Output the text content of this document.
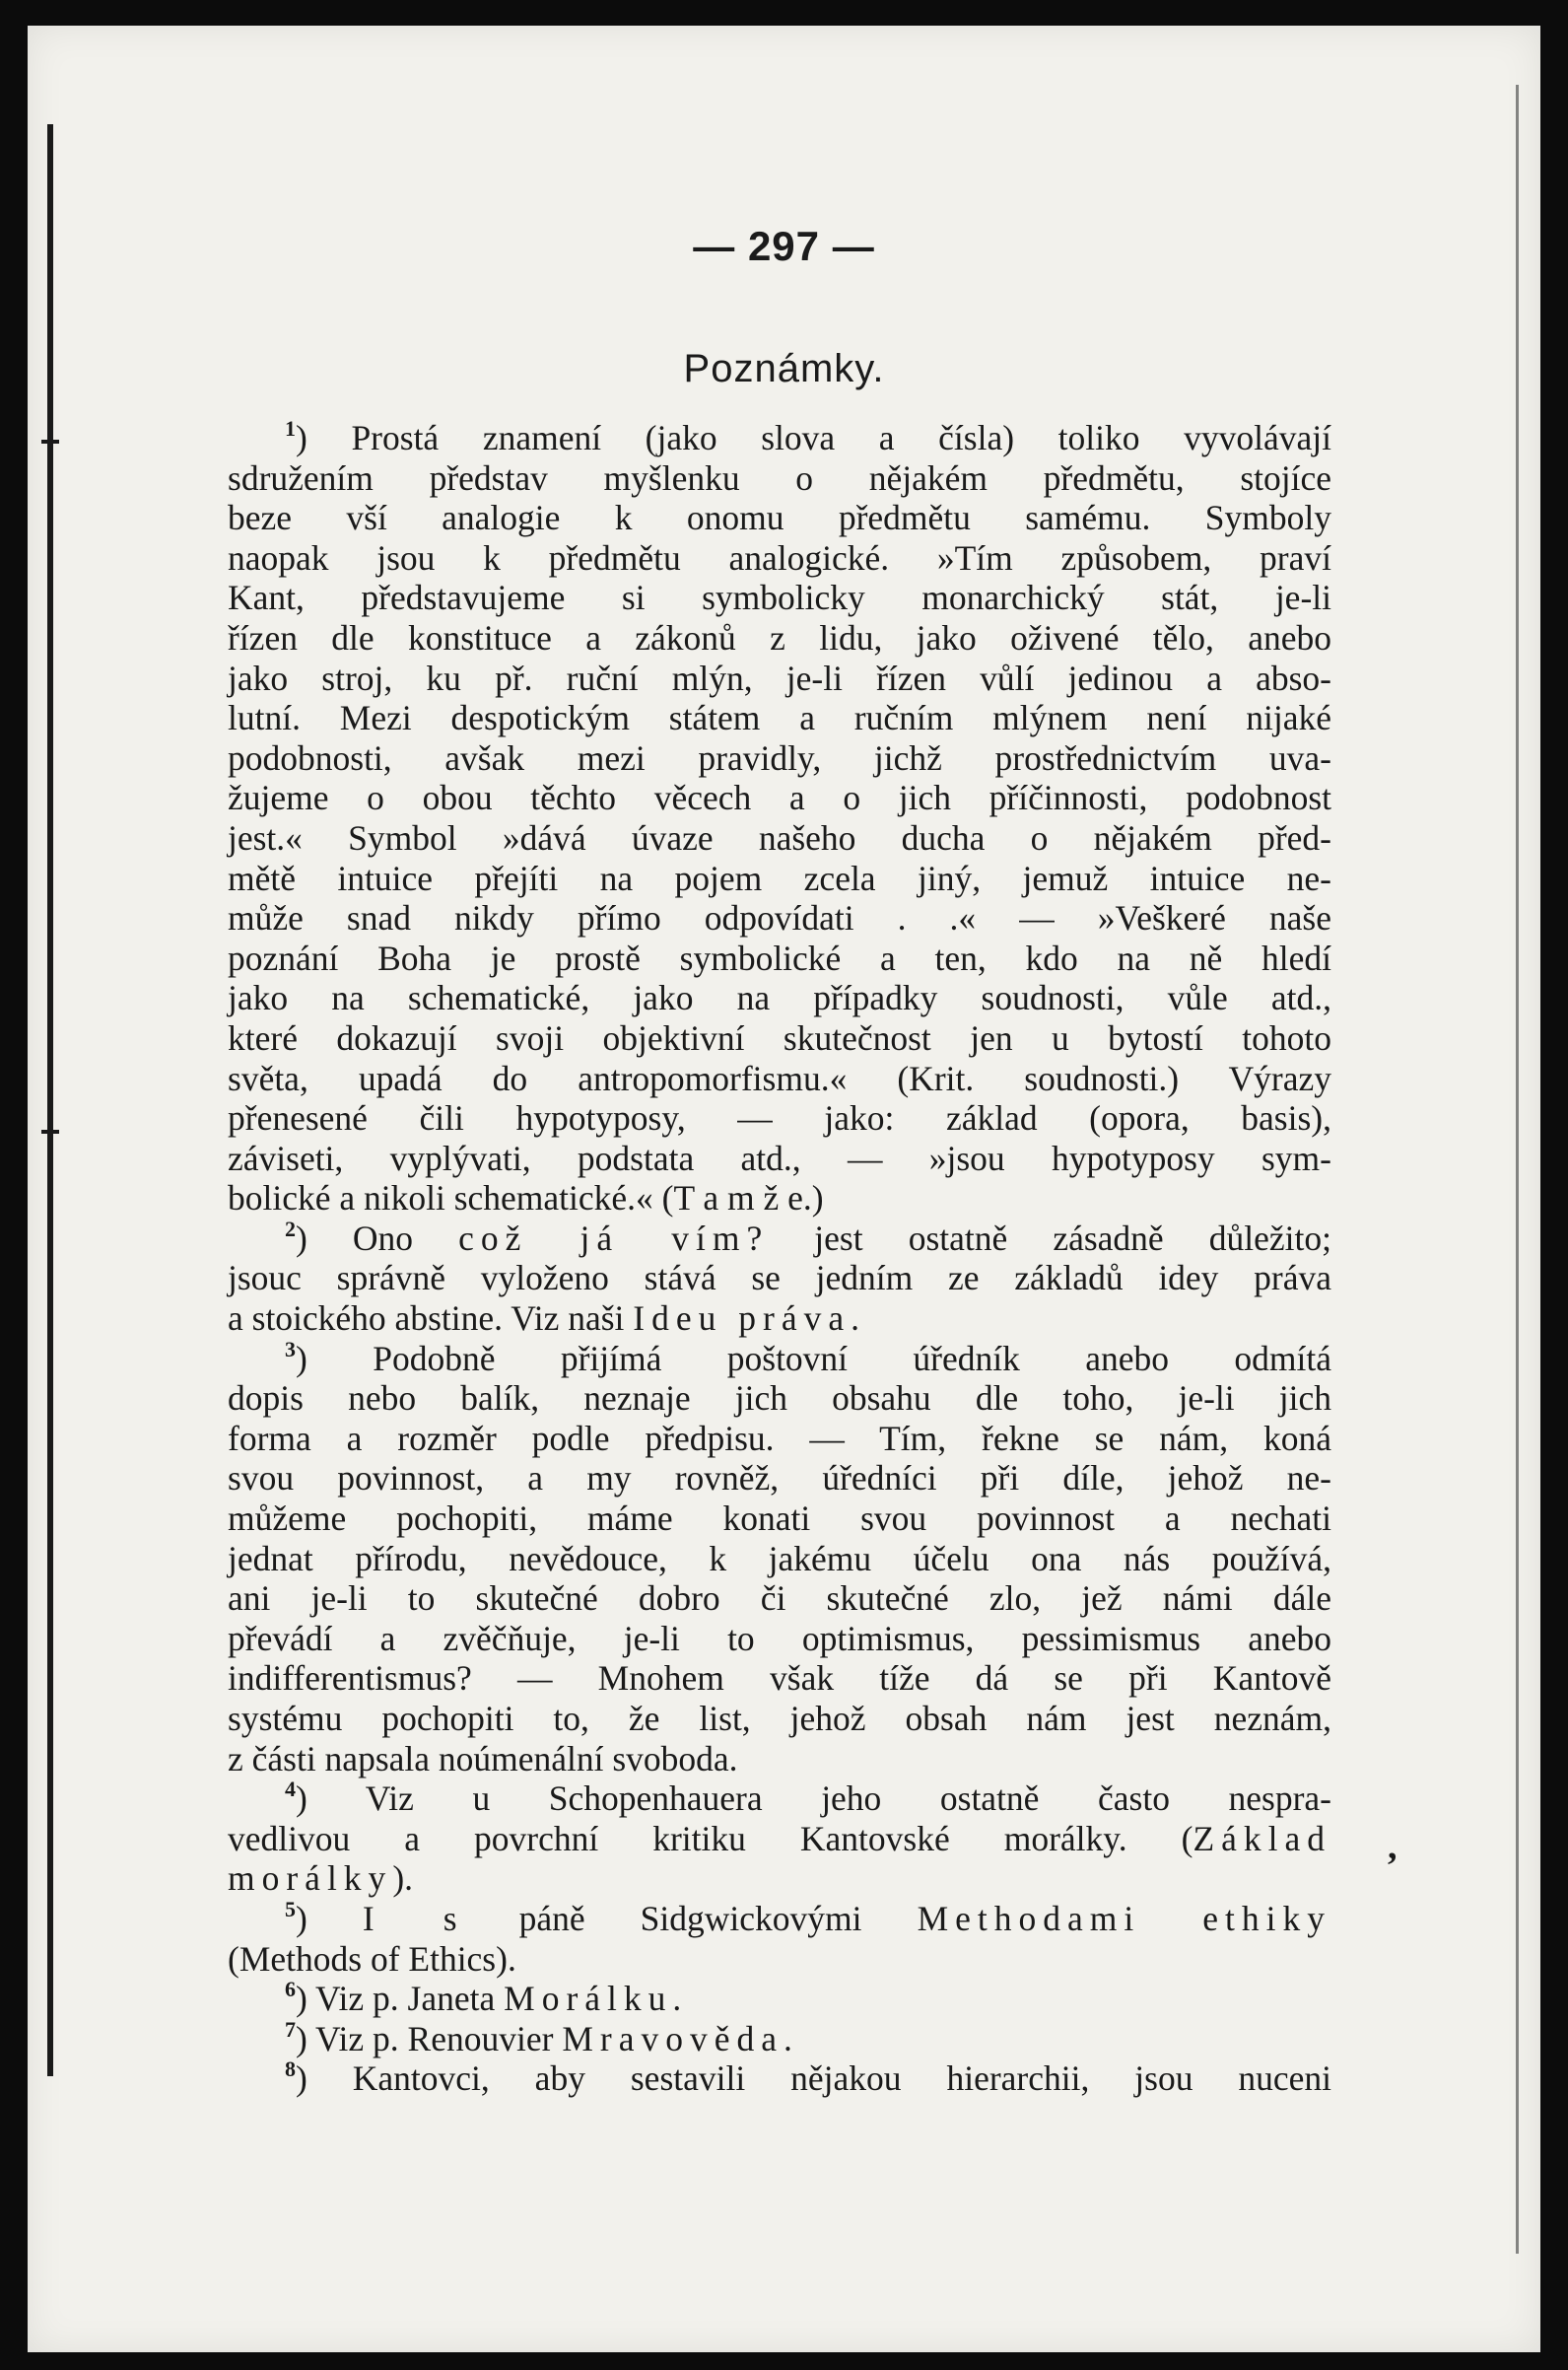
— 297 —
Poznámky.
$^1$) Prostá znamení (jako slova a čísla) toliko vyvolávají
sdružením představ myšlenku o nějakém předmětu, stojíce
beze vší analogie k onomu předmětu samému. Symboly
naopak jsou k předmětu analogické. »Tím způsobem, praví
Kant, představujeme si symbolicky monarchický stát, je-li
řízen dle konstituce a zákonů z lidu, jako oživené tělo, anebo
jako stroj, ku př. ruční mlýn, je-li řízen vůlí jedinou a abso-
lutní. Mezi despotickým státem a ručním mlýnem není nijaké
podobnosti, avšak mezi pravidly, jichž prostřednictvím uva-
žujeme o obou těchto věcech a o jich příčinnosti, podobnost
jest.« Symbol »dává úvaze našeho ducha o nějakém před-
mětě intuice přejíti na pojem zcela jiný, jemuž intuice ne-
může snad nikdy přímo odpovídati . .« — »Veškeré naše
poznání Boha je prostě symbolické a ten, kdo na ně hledí
jako na schematické, jako na případky soudnosti, vůle atd.,
které dokazují svoji objektivní skutečnost jen u bytostí tohoto
světa, upadá do antropomorfismu.« (Krit. soudnosti.) Výrazy
přenesené čili hypotyposy, — jako: základ (opora, basis),
záviseti, vyplývati, podstata atd., — »jsou hypotyposy sym-
bolické a nikoli schematické.« (T a m ž e.)
$^2$) Ono což já vím? jest ostatně zásadně důležito;
jsouc správně vyloženo stává se jedním ze základů idey práva
a stoického abstine. Viz naši Ideu práva.
$^3$) Podobně přijímá poštovní úředník anebo odmítá
dopis nebo balík, neznaje jich obsahu dle toho, je-li jich
forma a rozměr podle předpisu. — Tím, řekne se nám, koná
svou povinnost, a my rovněž, úředníci při díle, jehož ne-
můžeme pochopiti, máme konati svou povinnost a nechati
jednat přírodu, nevědouce, k jakému účelu ona nás používá,
ani je-li to skutečné dobro či skutečné zlo, jež námi dále
převádí a zvěčňuje, je-li to optimismus, pessimismus anebo
indifferentismus? — Mnohem však tíže dá se při Kantově
systému pochopiti to, že list, jehož obsah nám jest neznám,
z části napsala noúmenální svoboda.
$^4$) Viz u Schopenhauera jeho ostatně často nespra-
vedlivou a povrchní kritiku Kantovské morálky. (Základ
morálky).
$^5$) I s páně Sidgwickovými Methodami ethiky
(Methods of Ethics).
$^6$) Viz p. Janeta Morálku.
$^7$) Viz p. Renouvier Mravověda.
$^8$) Kantovci, aby sestavili nějakou hierarchii, jsou nuceni
,
